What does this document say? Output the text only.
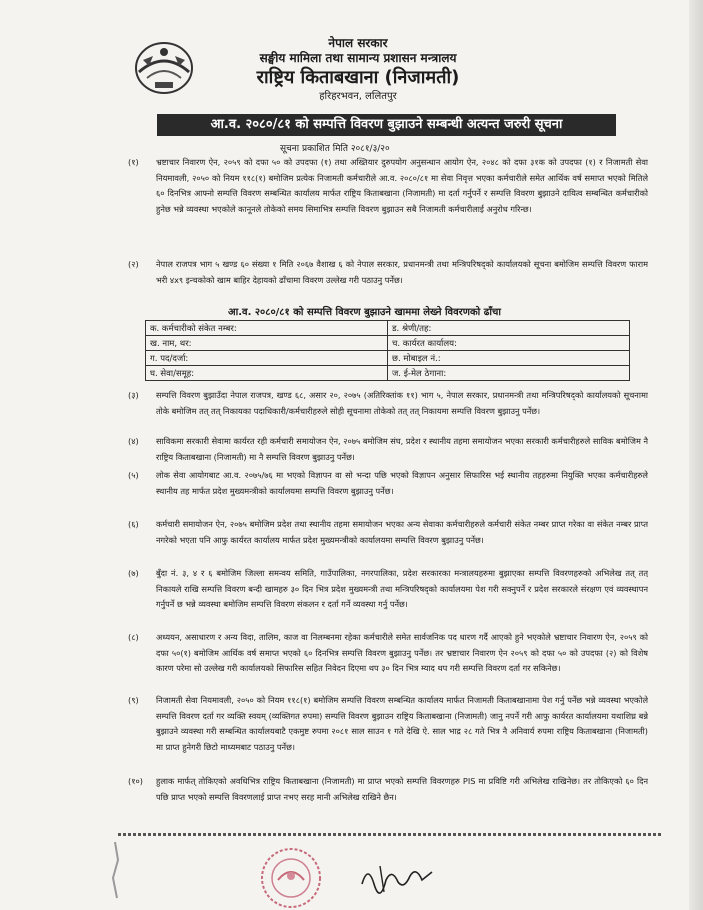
नेपाल सरकार
सङ्घीय मामिला तथा सामान्य प्रशासन मन्त्रालय
राष्ट्रिय किताबखाना (निजामती)
हरिहरभवन, ललितपुर
आ.व. २०८०/८१ को सम्पत्ति विवरण बुझाउने सम्बन्धी अत्यन्त जरुरी सूचना
सूचना प्रकाशित मिति २०८१/३/२०
(१) भ्रष्टाचार निवारण ऐन, २०५९ को दफा ५० को उपदफा (१) तथा अख्तियार दुरुपयोग अनुसन्धान आयोग ऐन, २०४८ को दफा ३१क को उपदफा (१) र निजामती सेवा नियमावली, २०५० को नियम ११८(१) बमोजिम प्रत्येक निजामती कर्मचारीले आ.व. २०८०/८१ मा सेवा निवृत्त भएका कर्मचारीले समेत आर्थिक वर्ष समाप्त भएको मितिले ६० दिनभित्र आफ्नो सम्पत्ति विवरण सम्बन्धित कार्यालय मार्फत राष्ट्रिय किताबखाना (निजामती) मा दर्ता गर्नुपर्ने र सम्पत्ति विवरण बुझाउने दायित्व सम्बन्धित कर्मचारीको हुनेछ भन्ने व्यवस्था भएकोले कानूनले तोकेको समय सिमाभित्र सम्पत्ति विवरण बुझाउन सबै निजामती कर्मचारीलाई अनुरोध गरिन्छ।
(२) नेपाल राजपत्र भाग ५ खण्ड ६० संख्या १ मिति २०६७ वैशाख ६ को नेपाल सरकार, प्रधानमन्त्री तथा मन्त्रिपरिषद्को कार्यालयको सूचना बमोजिम सम्पत्ति विवरण फाराम भरी ४x९ इन्चकोको खाम बाहिर देहायको ढाँचामा विवरण उल्लेख गरी पठाउनु पर्नेछ।
आ.व. २०८०/८१ को सम्पत्ति विवरण बुझाउने खाममा लेख्ने विवरणको ढाँचा
क. कर्मचारीको संकेत नम्बर:	ड. श्रेणी/तह:
ख. नाम, थर:	च. कार्यरत कार्यालय:
ग. पद/दर्जा:	छ. मोबाइल नं.:
घ. सेवा/समूह:	ज. ई-मेल ठेगाना:
(३) सम्पत्ति विवरण बुझाउँदा नेपाल राजपत्र, खण्ड ६८, असार २०, २०७५ (अतिरिक्तांक ११) भाग ५, नेपाल सरकार, प्रधानमन्त्री तथा मन्त्रिपरिषद्को कार्यालयको सूचनामा तोके बमोजिम तत् तत् निकायका पदाधिकारी/कर्मचारीहरुले सोही सूचनामा तोकेको तत् तत् निकायमा सम्पत्ति विवरण बुझाउनु पर्नेछ।
(४) साविकमा सरकारी सेवामा कार्यरत रही कर्मचारी समायोजन ऐन, २०७५ बमोजिम संघ, प्रदेश र स्थानीय तहमा समायोजन भएका सरकारी कर्मचारीहरुले साविक बमोजिम नै राष्ट्रिय किताबखाना (निजामती) मा नै सम्पत्ति विवरण बुझाउनु पर्नेछ।
(५) लोक सेवा आयोगबाट आ.व. २०७५/७६ मा भएको विज्ञापन वा सो भन्दा पछि भएको विज्ञापन अनुसार सिफारिस भई स्थानीय तहहरुमा नियुक्ति भएका कर्मचारीहरुले स्थानीय तह मार्फत प्रदेश मुख्यमन्त्रीको कार्यालयमा सम्पत्ति विवरण बुझाउनु पर्नेछ।
(६) कर्मचारी समायोजन ऐन, २०७५ बमोजिम प्रदेश तथा स्थानीय तहमा समायोजन भएका अन्य सेवाका कर्मचारीहरुले कर्मचारी संकेत नम्बर प्राप्त गरेका वा संकेत नम्बर प्राप्त नगरेको भएता पनि आफु कार्यरत कार्यालय मार्फत प्रदेश मुख्यमन्त्रीको कार्यालयमा सम्पत्ति विवरण बुझाउनु पर्नेछ।
(७) बुँदा नं. ३, ४ र ६ बमोजिम जिल्ला समन्वय समिति, गाउँपालिका, नगरपालिका, प्रदेश सरकारका मन्त्रालयहरुमा बुझाएका सम्पत्ति विवरणहरुको अभिलेख तत् तत् निकायले राखि सम्पत्ति विवरण बन्दी खामहरु ३० दिन भित्र प्रदेश मुख्यमन्त्री तथा मन्त्रिपरिषद्को कार्यालयमा पेश गरी सक्नुपर्ने र प्रदेश सरकारले संरक्षण एवं व्यवस्थापन गर्नुपर्ने छ भन्ने व्यवस्था बमोजिम सम्पत्ति विवरण संकलन र दर्ता गर्ने व्यवस्था गर्नु पर्नेछ।
(८) अध्ययन, असाधारण र अन्य विदा, तालिम, काज वा निलम्बनमा रहेका कर्मचारीले समेत सार्वजनिक पद धारण गर्दै आएको हुने भएकोले भ्रष्टाचार निवारण ऐन, २०५९ को दफा ५०(१) बमोजिम आर्थिक वर्ष समाप्त भएको ६० दिनभित्र सम्पत्ति विवरण बुझाउनु पर्नेछ। तर भ्रष्टाचार निवारण ऐन २०५९ को दफा ५० को उपदफा (२) को विशेष कारण परेमा सो उल्लेख गरी कार्यालयको सिफारिस सहित निवेदन दिएमा थप ३० दिन भित्र म्याद थप गरी सम्पत्ति विवरण दर्ता गर सकिनेछ।
(९) निजामती सेवा नियमावली, २०५० को नियम ११८(१) बमोजिम सम्पत्ति विवरण सम्बन्धित कार्यालय मार्फत निजामती किताबखानामा पेश गर्नु पर्नेछ भन्ने व्यवस्था भएकोले सम्पत्ति विवरण दर्ता गर व्यक्ति स्वयम् (व्यक्तिगत रुपमा) सम्पत्ति विवरण बुझाउन राष्ट्रिय किताबखाना (निजामती) जानु नपर्ने गरी आफु कार्यरत कार्यालयमा यथाशिघ्र बन्ने बुझाउने व्यवस्था गरी सम्बन्धित कार्यालयबाटै एकमुष्ट रुपमा २०८१ साल साउन १ गते देखि ऐ. साल भाद्र २८ गते भित्र नै अनिवार्य रुपमा राष्ट्रिय किताबखाना (निजामती) मा प्राप्त हुनेगरी छिटो माध्यमबाट पठाउनु पर्नेछ।
(१०) हुलाक मार्फत् तोकिएको अवधिभित्र राष्ट्रिय किताबखाना (निजामती) मा प्राप्त भएको सम्पत्ति विवरणहरु PIS मा प्रविष्टि गरी अभिलेख राखिनेछ। तर तोकिएको ६० दिन पछि प्राप्त भएको सम्पत्ति विवरणलाई प्राप्त नभए सरह मानी अभिलेख राखिने छैन।
